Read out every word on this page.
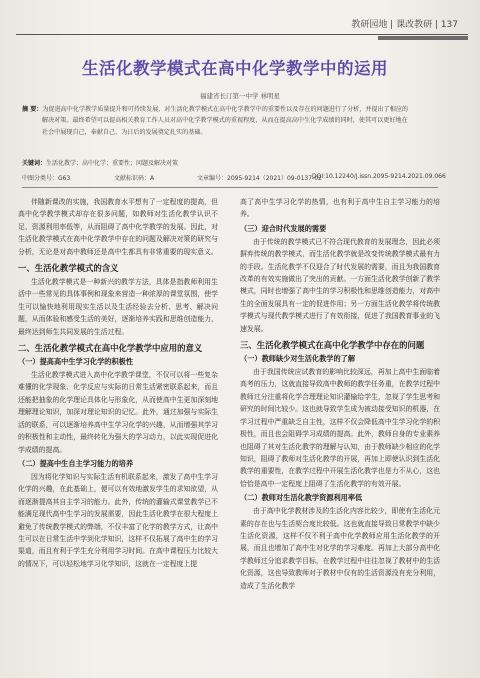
教研园地 | 课改教研 | 137
生活化教学模式在高中化学教学中的运用
福建省长汀第一中学 林明星

摘 要：为促进高中化学教学质量提升和可持续发展，对生活化教学模式在高中化学教学中的重要性以及存在的问题进行了分析，并提出了相应的

解决对策。最终希望可以提高相关教育工作人员对高中化学教学模式的重视程度，从而在提高高中生化学成绩的同时，使其可以更好地在

社会中展现自己，奉献自己，为日后的发展奠定扎实的基础。

关键词：生活化教学；高中化学；重要性；问题及解决对策
中图分类号：G63	文献标识码：A	文章编号：2095-9214（2021）09-0137-02
DOI:10.12240/j.issn.2095-9214.2021.09.066

伴随新课改的实施，我国教育水平想有了一定程度的提高，但高中化学教学模式却存在很多问题，如教师对生活化教学认识不足、资源利用率低等，从而阻碍了高中化学教学的发展。因此，对生活化教学模式在高中化学教学中存在的问题及解决对策的研究与分析，无论是对高中教师还是高中生都具有非常重要的现实意义。

一、生活化教学模式的含义

生活化教学模式是一种新兴的教学方法，具体是指教师利用生活中一些常见的具体事例和现象来营造一种浓厚的课堂氛围，使学生可以愉快地利用现实生活以及生活经验去分析、思考、解决问题，从而体验和感受生活的美好，逐渐培养实践和思维创造能力，最终达到师生共同发展的生活过程。

二、生活化教学模式在高中化学教学中应用的意义
（一）提高高中生学习化学的积极性

生活化教学模式进入高中化学教学课堂，不仅可以将一些复杂难懂的化学现象、化学反应与实际的日常生活紧密联系起来，而且还能把抽象的化学理论具体化与形象化，从而使高中生更加深刻地理解理论知识，加深对理论知识的记忆。此外，通过加强与实际生活的联系，可以逐渐培养高中生学习化学的兴趣，从而增强其学习的积极性和主动性，最终转化为强大的学习动力，以此实现促进化学成绩的提高。

（二）提高中生自主学习能力的培养

因为将化学知识与实际生活有机联系起来，激发了高中生学习化学的兴趣，在此基础上，便可以有效地激发学生的求知欲望，从而逐渐提高其自主学习的能力。此外，传统的灌输式课堂教学已不能满足现代高中生学习的发展需要，因此生活化教学在很大程度上避免了传统教学模式的弊端，不仅丰富了化学的教学方式，让高中生可以在日常生活中学到化学知识，这样不仅拓展了高中生的学习渠道，而且有利于学生充分利用学习时间。在高中课程压力比较大的情况下，可以轻松地学习化学知识，这就在一定程度上提

高了高中生学习化学的热情，也有利于高中生自主学习能力的培养。

（三）迎合时代发展的需要

由于传统的教学模式已不符合现代教育的发展理念，因此必须摒弃传统的教学模式，而生活化教学就是改变传统教学模式最有力的手段。生活化教学不仅迎合了时代发展的需要，而且为我国教育改革的有效实施做出了突出的贡献。一方面生活化教学创新了教学模式，同时也增强了高中生的学习积极性和思维创造能力，对高中生的全面发展具有一定的促进作用；另一方面生活化教学将传统教学模式与现代教学模式进行了有效衔接，促进了我国教育事业的飞速发展。

三、生活化教学模式在高中化学教学中存在的问题
（一）教师缺少对生活化教学的了解

由于我国传统应试教育的影响比较深远，再加上高中生面临着高考的压力，这就直接导致高中教师的教学任务重，在教学过程中教师过分注重将化学合理理论知识灌输给学生，忽视了学生思考和研究的时间比较少。这也就导致学生成为被动接受知识的机器，在学习过程中严重缺乏自主性，这样不仅会降低高中生学习化学的积极性，而且也会阻碍学习成绩的提高。此外，教师自身的专业素养也阻碍了其对生活化教学的理解与认知，由于教师缺少相应的化学知识，阻碍了教师对生活化教学的开展，再加上即使认识到生活化教学的重要性，在教学过程中开展生活化教学也是力不从心，这也恰恰是高中一定程度上阻碍了生活化教学的有效开展。

（二）教师对生活化教学资源利用率低

由于高中化学教材涉及的生活化内容比较少，即使有生活化元素的存在也与生活契合度比较低。这也就直接导致日常教学中缺少生活化资源，这样不仅不利于高中化学教师应用生活化教学的开展，而且也增加了高中生对化学的学习难度。再加上大部分高中化学教师过分追求教学目标，在教学过程中往往忽视了教材中的生活化资源，这也导致教师对于教材中仅有的生活资源没有充分利用，造成了生活化教学
